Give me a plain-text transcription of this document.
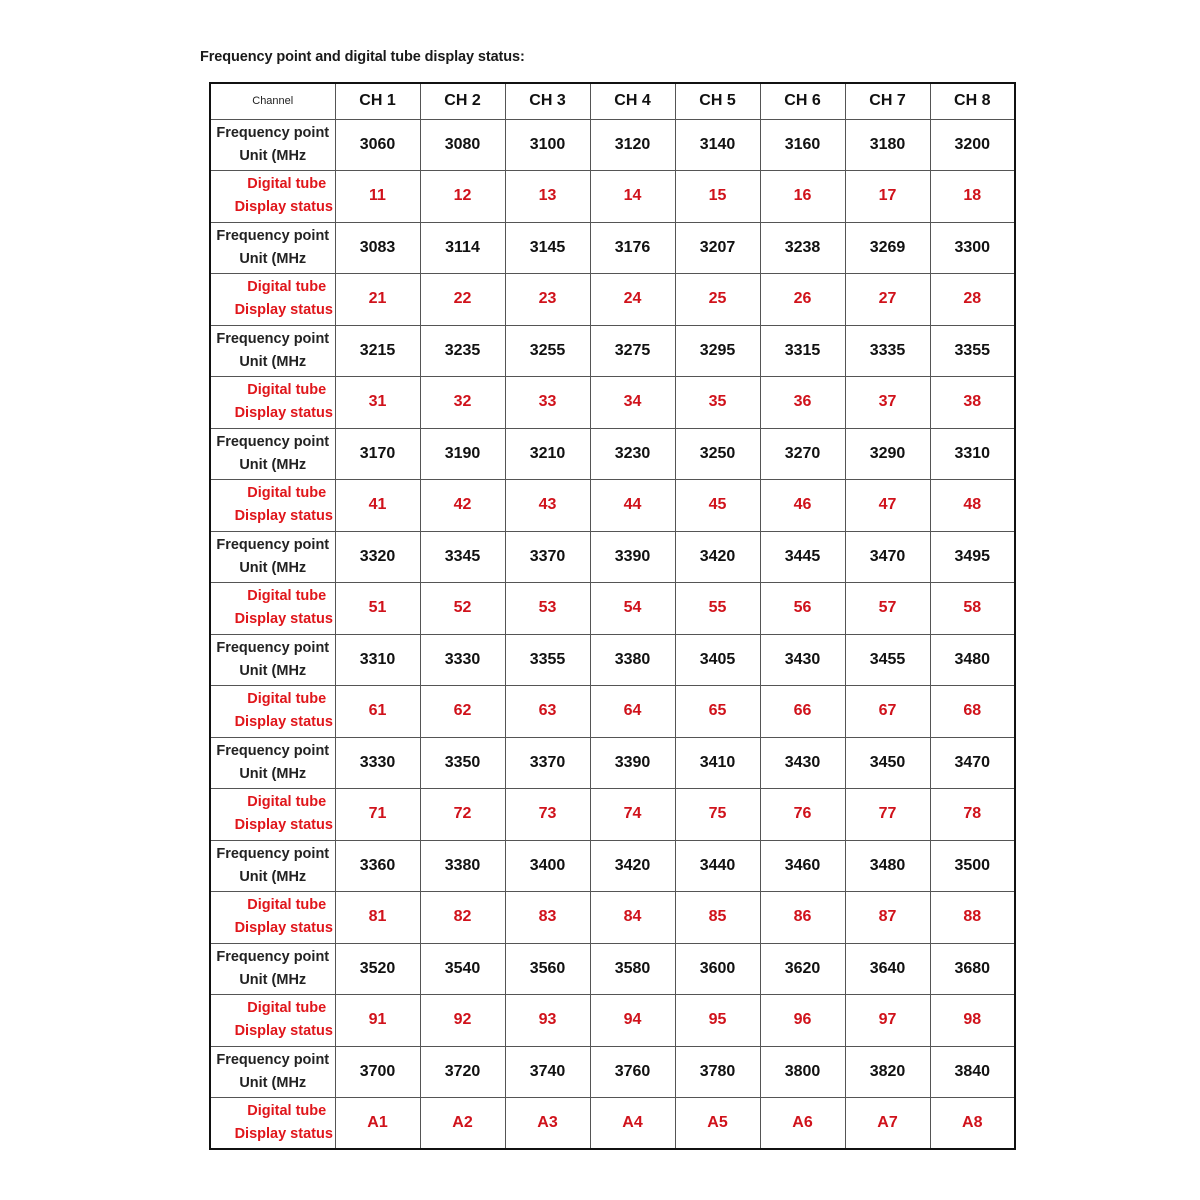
Frequency point and digital tube display status:
Channel	CH 1	CH 2	CH 3	CH 4	CH 5	CH 6	CH 7	CH 8

Frequency point
Unit (MHz	3060	3080	3100	3120	3140	3160	3180	3200

Digital tube
Display status	11	12	13	14	15	16	17	18

Frequency point
Unit (MHz	3083	3114	3145	3176	3207	3238	3269	3300

Digital tube
Display status	21	22	23	24	25	26	27	28

Frequency point
Unit (MHz	3215	3235	3255	3275	3295	3315	3335	3355

Digital tube
Display status	31	32	33	34	35	36	37	38

Frequency point
Unit (MHz	3170	3190	3210	3230	3250	3270	3290	3310

Digital tube
Display status	41	42	43	44	45	46	47	48

Frequency point
Unit (MHz	3320	3345	3370	3390	3420	3445	3470	3495

Digital tube
Display status	51	52	53	54	55	56	57	58

Frequency point
Unit (MHz	3310	3330	3355	3380	3405	3430	3455	3480

Digital tube
Display status	61	62	63	64	65	66	67	68

Frequency point
Unit (MHz	3330	3350	3370	3390	3410	3430	3450	3470

Digital tube
Display status	71	72	73	74	75	76	77	78

Frequency point
Unit (MHz	3360	3380	3400	3420	3440	3460	3480	3500

Digital tube
Display status	81	82	83	84	85	86	87	88

Frequency point
Unit (MHz	3520	3540	3560	3580	3600	3620	3640	3680

Digital tube
Display status	91	92	93	94	95	96	97	98

Frequency point
Unit (MHz	3700	3720	3740	3760	3780	3800	3820	3840

Digital tube
Display status	A1	A2	A3	A4	A5	A6	A7	A8
